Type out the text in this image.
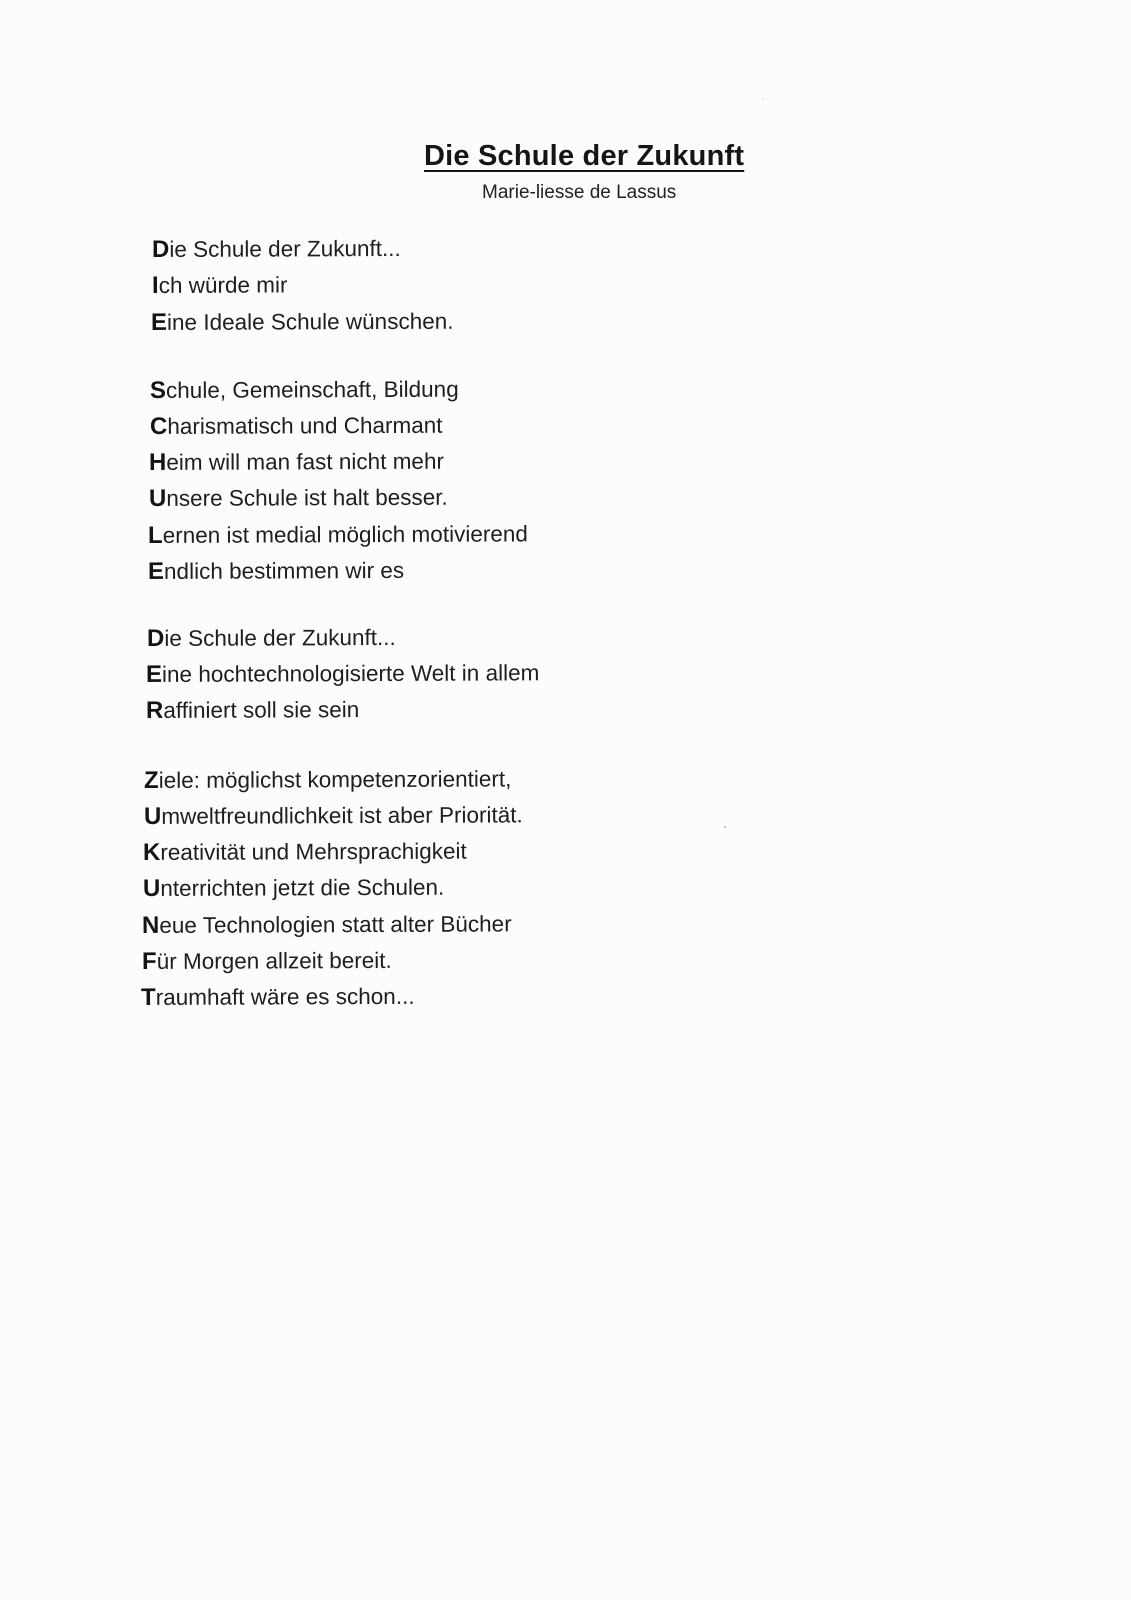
Die Schule der Zukunft
Marie-liesse de Lassus
Die Schule der Zukunft...
Ich würde mir
Eine Ideale Schule wünschen.
Schule, Gemeinschaft, Bildung
Charismatisch und Charmant
Heim will man fast nicht mehr
Unsere Schule ist halt besser.
Lernen ist medial möglich motivierend
Endlich bestimmen wir es
Die Schule der Zukunft...
Eine hochtechnologisierte Welt in allem
Raffiniert soll sie sein
Ziele: möglichst kompetenzorientiert,
Umweltfreundlichkeit ist aber Priorität.
Kreativität und Mehrsprachigkeit
Unterrichten jetzt die Schulen.
Neue Technologien statt alter Bücher
Für Morgen allzeit bereit.
Traumhaft wäre es schon...
